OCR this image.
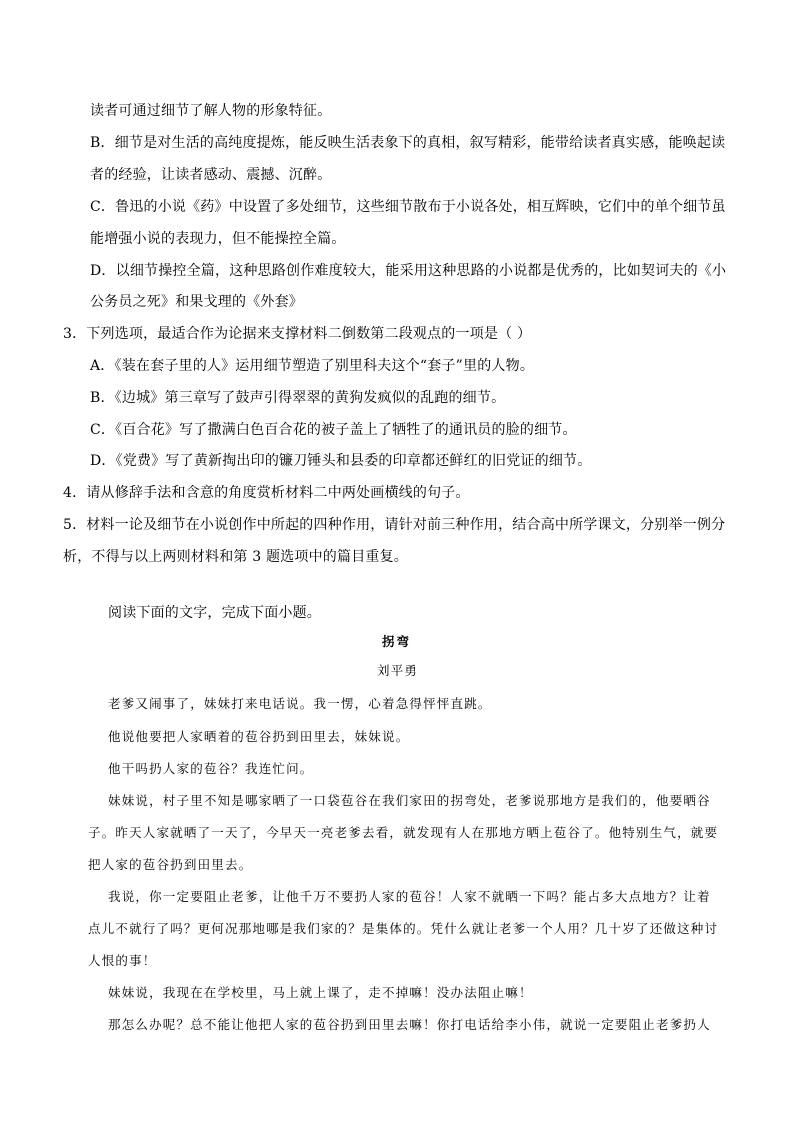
读者可通过细节了解人物的形象特征。
B．细节是对生活的高纯度提炼，能反映生活表象下的真相，叙写精彩，能带给读者真实感，能唤起读
者的经验，让读者感动、震撼、沉醉。
C．鲁迅的小说《药》中设置了多处细节，这些细节散布于小说各处，相互辉映，它们中的单个细节虽
能增强小说的表现力，但不能操控全篇。
D．以细节操控全篇，这种思路创作难度较大，能采用这种思路的小说都是优秀的，比如契诃夫的《小
公务员之死》和果戈理的《外套》
3．下列选项，最适合作为论据来支撑材料二倒数第二段观点的一项是（ ）
A．《装在套子里的人》运用细节塑造了别里科夫这个“套子”里的人物。
B．《边城》第三章写了鼓声引得翠翠的黄狗发疯似的乱跑的细节。
C．《百合花》写了撒满白色百合花的被子盖上了牺牲了的通讯员的脸的细节。
D．《党费》写了黄新掏出印的镰刀锤头和县委的印章都还鲜红的旧党证的细节。
4．请从修辞手法和含意的角度赏析材料二中两处画横线的句子。
5．材料一论及细节在小说创作中所起的四种作用，请针对前三种作用，结合高中所学课文，分别举一例分
析，不得与以上两则材料和第 3 题选项中的篇目重复。
阅读下面的文字，完成下面小题。
拐弯
刘平勇
老爹又闹事了，妹妹打来电话说。我一愣，心着急得怦怦直跳。
他说他要把人家晒着的苞谷扔到田里去，妹妹说。
他干吗扔人家的苞谷？我连忙问。
妹妹说，村子里不知是哪家晒了一口袋苞谷在我们家田的拐弯处，老爹说那地方是我们的，他要晒谷
子。昨天人家就晒了一天了，今早天一亮老爹去看，就发现有人在那地方晒上苞谷了。他特别生气，就要
把人家的苞谷扔到田里去。
我说，你一定要阻止老爹，让他千万不要扔人家的苞谷！人家不就晒一下吗？能占多大点地方？让着
点儿不就行了吗？更何况那地哪是我们家的？是集体的。凭什么就让老爹一个人用？几十岁了还做这种讨
人恨的事！
妹妹说，我现在在学校里，马上就上课了，走不掉嘛！没办法阻止嘛！
那怎么办呢？总不能让他把人家的苞谷扔到田里去嘛！你打电话给李小伟，就说一定要阻止老爹扔人
